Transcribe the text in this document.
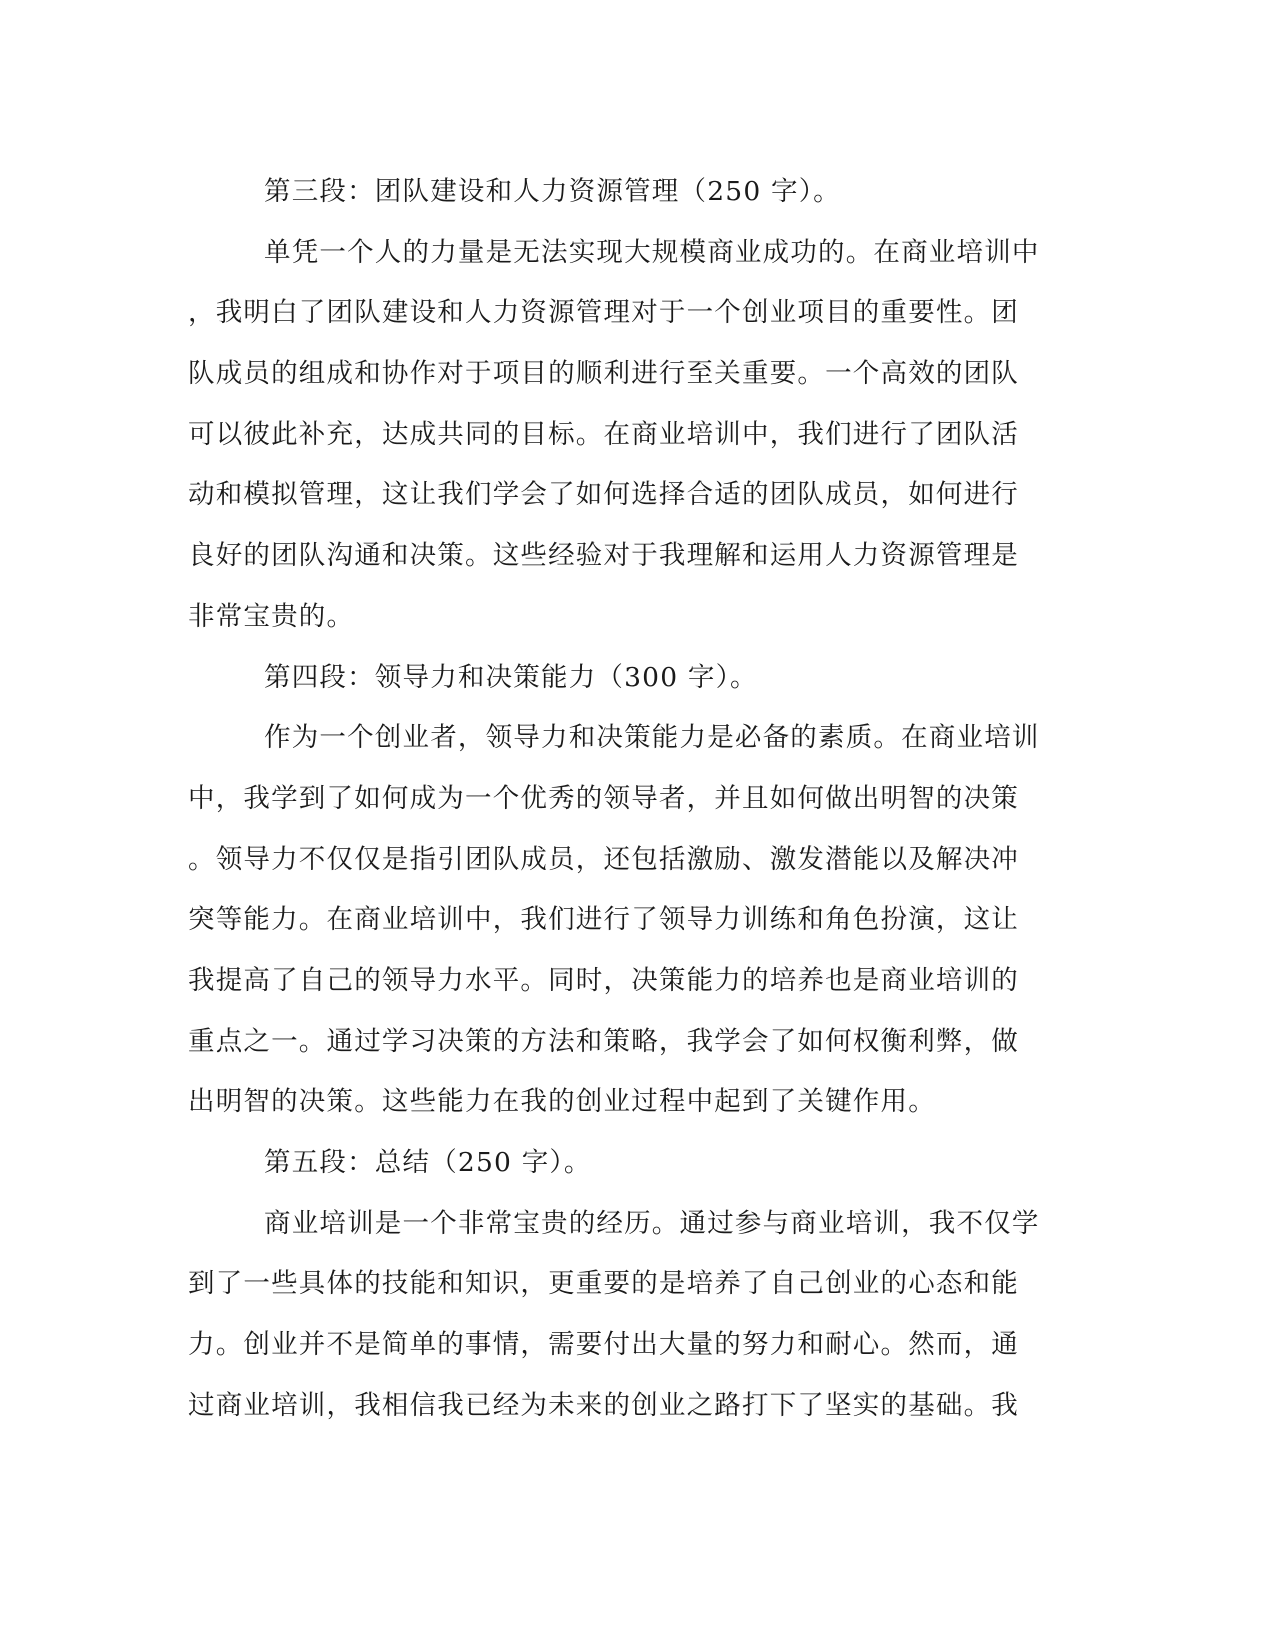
第三段：团队建设和人力资源管理（250 字）。
单凭一个人的力量是无法实现大规模商业成功的。在商业培训中
，我明白了团队建设和人力资源管理对于一个创业项目的重要性。团
队成员的组成和协作对于项目的顺利进行至关重要。一个高效的团队
可以彼此补充，达成共同的目标。在商业培训中，我们进行了团队活
动和模拟管理，这让我们学会了如何选择合适的团队成员，如何进行
良好的团队沟通和决策。这些经验对于我理解和运用人力资源管理是
非常宝贵的。
第四段：领导力和决策能力（300 字）。
作为一个创业者，领导力和决策能力是必备的素质。在商业培训
中，我学到了如何成为一个优秀的领导者，并且如何做出明智的决策
。领导力不仅仅是指引团队成员，还包括激励、激发潜能以及解决冲
突等能力。在商业培训中，我们进行了领导力训练和角色扮演，这让
我提高了自己的领导力水平。同时，决策能力的培养也是商业培训的
重点之一。通过学习决策的方法和策略，我学会了如何权衡利弊，做
出明智的决策。这些能力在我的创业过程中起到了关键作用。
第五段：总结（250 字）。
商业培训是一个非常宝贵的经历。通过参与商业培训，我不仅学
到了一些具体的技能和知识，更重要的是培养了自己创业的心态和能
力。创业并不是简单的事情，需要付出大量的努力和耐心。然而，通
过商业培训，我相信我已经为未来的创业之路打下了坚实的基础。我
